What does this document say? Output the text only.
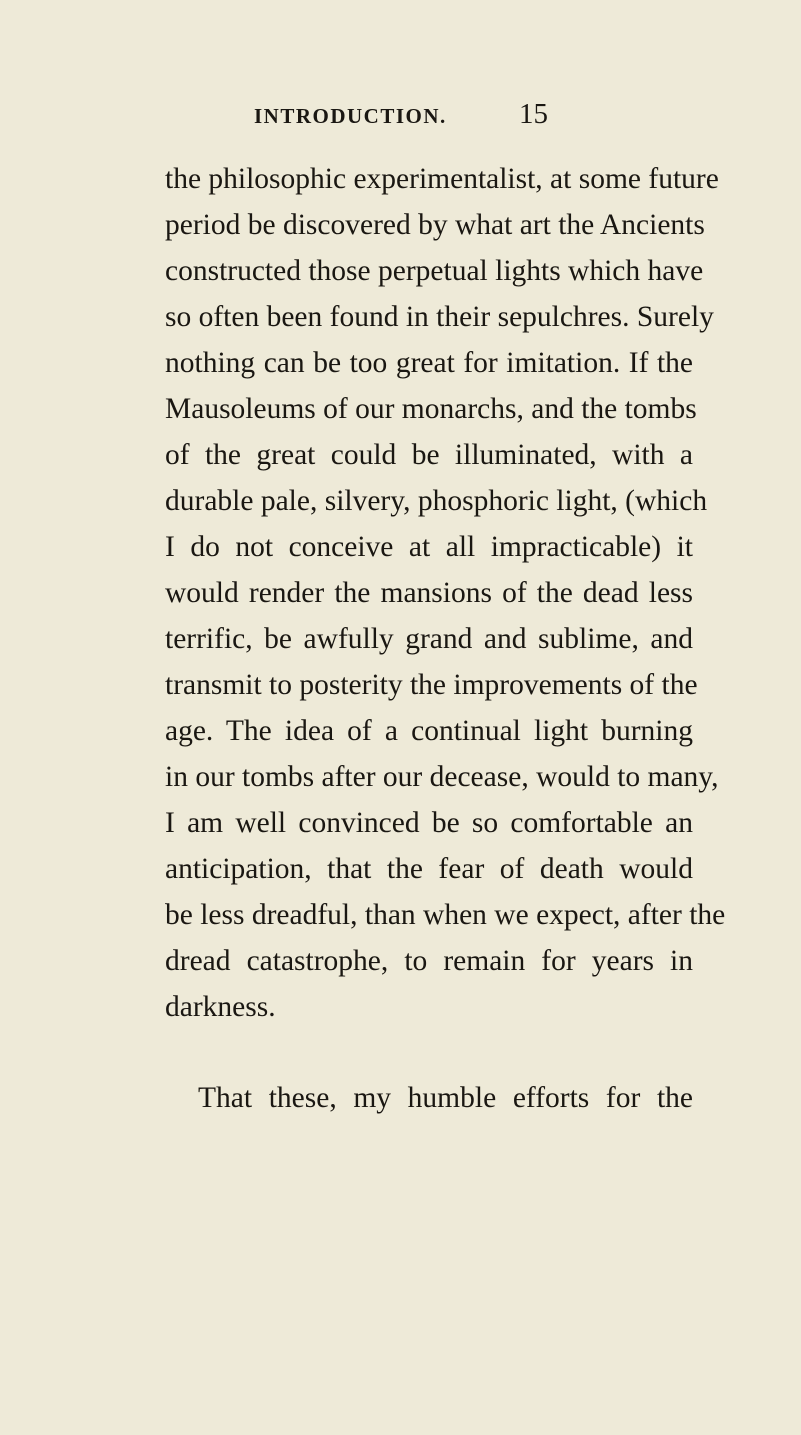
INTRODUCTION. 15
the philosophic experimentalist, at some future
period be discovered by what art the Ancients
constructed those perpetual lights which have
so often been found in their sepulchres. Surely
nothing can be too great for imitation. If the
Mausoleums of our monarchs, and the tombs
of the great could be illuminated, with a
durable pale, silvery, phosphoric light, (which
I do not conceive at all impracticable) it
would render the mansions of the dead less
terrific, be awfully grand and sublime, and
transmit to posterity the improvements of the
age. The idea of a continual light burning
in our tombs after our decease, would to many,
I am well convinced be so comfortable an
anticipation, that the fear of death would
be less dreadful, than when we expect, after the
dread catastrophe, to remain for years in
darkness.
That these, my humble efforts for the
